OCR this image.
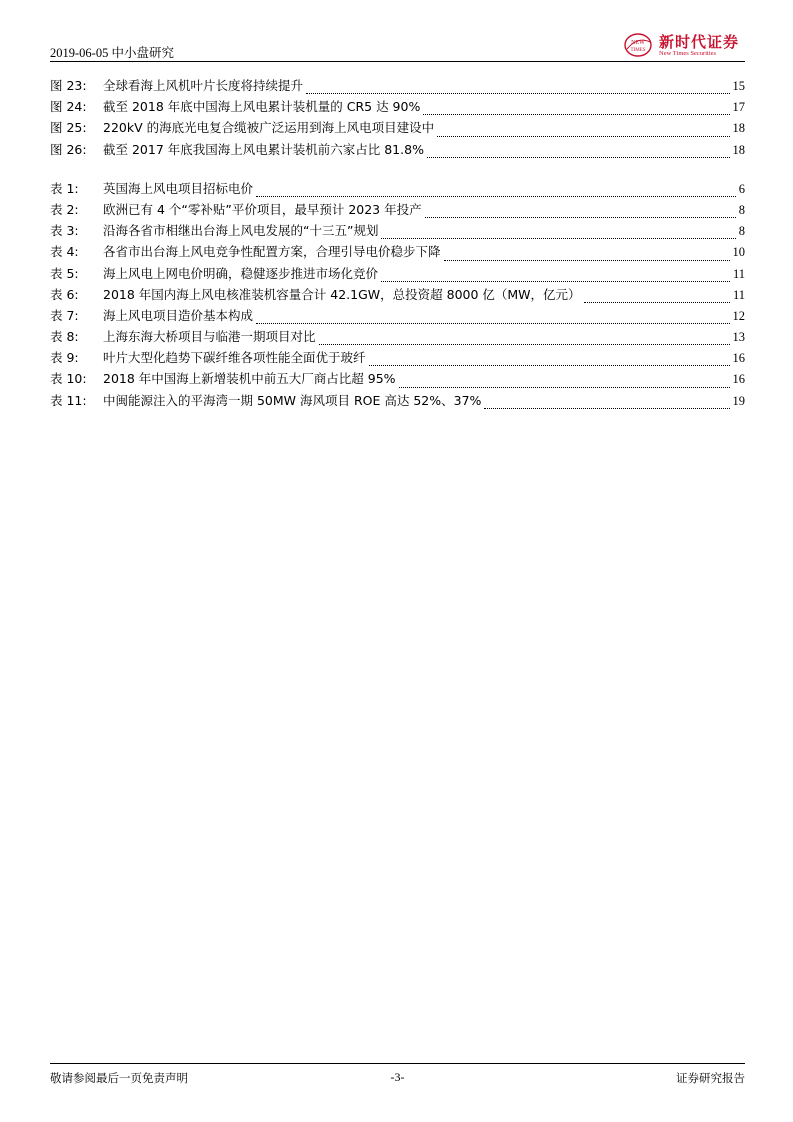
2019-06-05 中小盘研究
NEW
TIMES 新时代证券
New Times Securities
图 23:	全球看海上风机叶片长度将持续提升	15
图 24:	截至 2018 年底中国海上风电累计装机量的 CR5 达 90%	17
图 25:	220kV 的海底光电复合缆被广泛运用到海上风电项目建设中	18
图 26:	截至 2017 年底我国海上风电累计装机前六家占比 81.8%	18
表 1:	英国海上风电项目招标电价	6
表 2:	欧洲已有 4 个“零补贴”平价项目，最早预计 2023 年投产	8
表 3:	沿海各省市相继出台海上风电发展的“十三五”规划	8
表 4:	各省市出台海上风电竞争性配置方案，合理引导电价稳步下降	10
表 5:	海上风电上网电价明确，稳健逐步推进市场化竞价	11
表 6:	2018 年国内海上风电核准装机容量合计 42.1GW，总投资超 8000 亿（MW，亿元）	11
表 7:	海上风电项目造价基本构成	12
表 8:	上海东海大桥项目与临港一期项目对比	13
表 9:	叶片大型化趋势下碳纤维各项性能全面优于玻纤	16
表 10:	2018 年中国海上新增装机中前五大厂商占比超 95%	16
表 11:	中闽能源注入的平海湾一期 50MW 海风项目 ROE 高达 52%、37%	19
敬请参阅最后一页免责声明	-3-	证券研究报告
